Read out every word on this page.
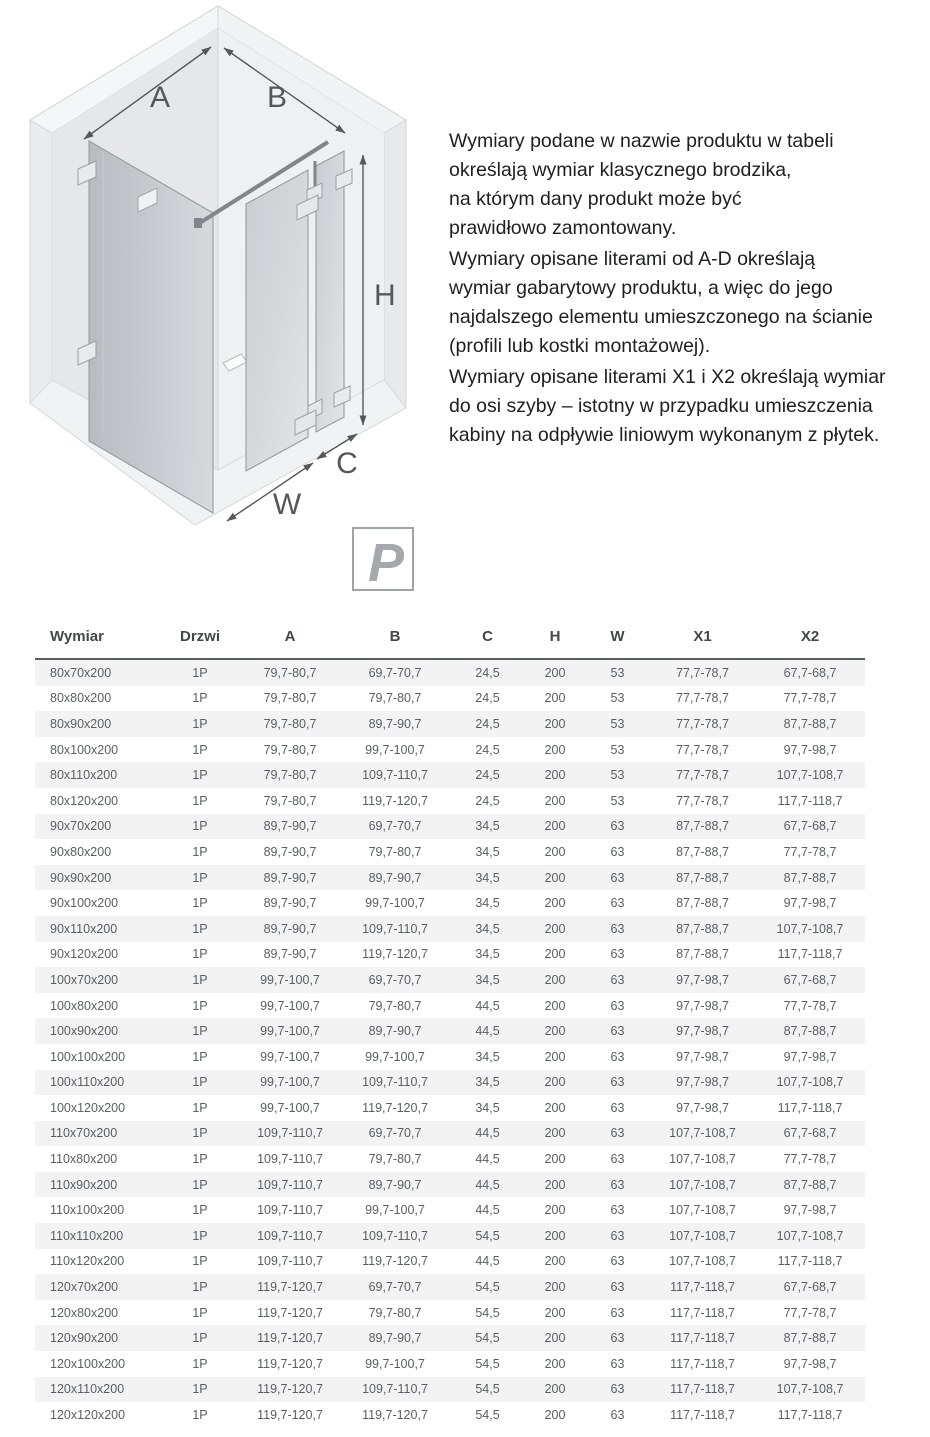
A	B
H
C
W
P

Wymiary podane w nazwie produktu w tabeli
określają wymiar klasycznego brodzika,
na którym dany produkt może być
prawidłowo zamontowany.

Wymiary opisane literami od A-D określają
wymiar gabarytowy produktu, a więc do jego
najdalszego elementu umieszczonego na ścianie
(profili lub kostki montażowej).

Wymiary opisane literami X1 i X2 określają wymiar
do osi szyby – istotny w przypadku umieszczenia
kabiny na odpływie liniowym wykonanym z płytek.

Wymiar	Drzwi	A	B	C	H	W	X1	X2
80x70x200	1P	79,7-80,7	69,7-70,7	24,5	200	53	77,7-78,7	67,7-68,7
80x80x200	1P	79,7-80,7	79,7-80,7	24,5	200	53	77,7-78,7	77,7-78,7
80x90x200	1P	79,7-80,7	89,7-90,7	24,5	200	53	77,7-78,7	87,7-88,7
80x100x200	1P	79,7-80,7	99,7-100,7	24,5	200	53	77,7-78,7	97,7-98,7
80x110x200	1P	79,7-80,7	109,7-110,7	24,5	200	53	77,7-78,7	107,7-108,7
80x120x200	1P	79,7-80,7	119,7-120,7	24,5	200	53	77,7-78,7	117,7-118,7
90x70x200	1P	89,7-90,7	69,7-70,7	34,5	200	63	87,7-88,7	67,7-68,7
90x80x200	1P	89,7-90,7	79,7-80,7	34,5	200	63	87,7-88,7	77,7-78,7
90x90x200	1P	89,7-90,7	89,7-90,7	34,5	200	63	87,7-88,7	87,7-88,7
90x100x200	1P	89,7-90,7	99,7-100,7	34,5	200	63	87,7-88,7	97,7-98,7
90x110x200	1P	89,7-90,7	109,7-110,7	34,5	200	63	87,7-88,7	107,7-108,7
90x120x200	1P	89,7-90,7	119,7-120,7	34,5	200	63	87,7-88,7	117,7-118,7
100x70x200	1P	99,7-100,7	69,7-70,7	34,5	200	63	97,7-98,7	67,7-68,7
100x80x200	1P	99,7-100,7	79,7-80,7	44,5	200	63	97,7-98,7	77,7-78,7
100x90x200	1P	99,7-100,7	89,7-90,7	44,5	200	63	97,7-98,7	87,7-88,7
100x100x200	1P	99,7-100,7	99,7-100,7	34,5	200	63	97,7-98,7	97,7-98,7
100x110x200	1P	99,7-100,7	109,7-110,7	34,5	200	63	97,7-98,7	107,7-108,7
100x120x200	1P	99,7-100,7	119,7-120,7	34,5	200	63	97,7-98,7	117,7-118,7
110x70x200	1P	109,7-110,7	69,7-70,7	44,5	200	63	107,7-108,7	67,7-68,7
110x80x200	1P	109,7-110,7	79,7-80,7	44,5	200	63	107,7-108,7	77,7-78,7
110x90x200	1P	109,7-110,7	89,7-90,7	44,5	200	63	107,7-108,7	87,7-88,7
110x100x200	1P	109,7-110,7	99,7-100,7	44,5	200	63	107,7-108,7	97,7-98,7
110x110x200	1P	109,7-110,7	109,7-110,7	54,5	200	63	107,7-108,7	107,7-108,7
110x120x200	1P	109,7-110,7	119,7-120,7	44,5	200	63	107,7-108,7	117,7-118,7
120x70x200	1P	119,7-120,7	69,7-70,7	54,5	200	63	117,7-118,7	67,7-68,7
120x80x200	1P	119,7-120,7	79,7-80,7	54,5	200	63	117,7-118,7	77,7-78,7
120x90x200	1P	119,7-120,7	89,7-90,7	54,5	200	63	117,7-118,7	87,7-88,7
120x100x200	1P	119,7-120,7	99,7-100,7	54,5	200	63	117,7-118,7	97,7-98,7
120x110x200	1P	119,7-120,7	109,7-110,7	54,5	200	63	117,7-118,7	107,7-108,7
120x120x200	1P	119,7-120,7	119,7-120,7	54,5	200	63	117,7-118,7	117,7-118,7
